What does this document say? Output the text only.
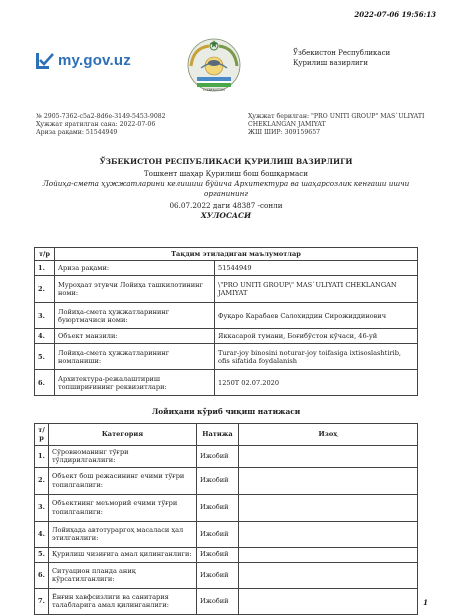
2022-07-06 19:56:13
my.gov.uz
O'ZBEKISTON
Ўзбекистон Республикаси
Қурилиш вазирлиги
№ 2905-7362-c5a2-8d6e-3149-5453-9082
Ҳужжат яратилган сана: 2022-07-06
Ариза рақами: 51544949
Ҳужжат берилган: "PRO UNITI GROUP" MAS`ULIYATI
CHEKLANGAN JAMIYAT
ЖШ ШИР: 309159657
ЎЗБЕКИСТОН РЕСПУБЛИКАСИ ҚУРИЛИШ ВАЗИРЛИГИ
Тошкент шаҳар Қурилиш бош бошқармаси
Лойиҳа-смета ҳужжатларини келишиш бўйича Архитектура ва шаҳарсозлик кенгаши ишчи
органининг
06.07.2022 даги 48387 -сонли
ХУЛОСАСИ
т/р	Тақдим этиладиган маълумотлар	
1.	Ариза рақами:	51544949
2.	Муроҳаат этувчи Лойиҳа ташкилотининг номи:	\"PRO UNITI GROUP\" MAS`ULIYATI CHEKLANGAN JAMIYAT
3.	Лойиҳа-смета ҳужжатларининг буюртмачиси номи:	Фуқаро Карабаев Салохиддин Сирожиддинович
4.	Объект манзили:	Яккасарой тумани, Боғибўстон кўчаси, 46-уй
5.	Лойиҳа-смета ҳужжатларининг номланиши:	Turar-joy binosini noturar-joy toifasiga ixtisoslashtirib, ofis sifatida foydalanish
6.	Архитектура-режалаштириш топшириғининг реквизитлари:	1250Т 02.07.2020
Лойиҳани кўриб чиқиш натижаси
т/р	Категория	Натижа	Изоҳ
1.	Сўровноманинг тўғри тўлдирилганлиги:	Ижобий	
2.	Объект бош режасининг ечими тўғри топилганлиги:	Ижобий	
3.	Объектнинг меъморий ечими тўғри топилганлиги:	Ижобий	
4.	Лойиҳада автотураргоҳ масаласи ҳал этилганлиги:	Ижобий	
5.	Қурилиш чизиғига амал қилинганлиги:	Ижобий	
6.	Ситуацион планда аниқ кўрсатилганлиги:	Ижобий	
7.	Ёнғин хавфсизлиги ва санитария талабларига амал қилинганлиги:	Ижобий		1
